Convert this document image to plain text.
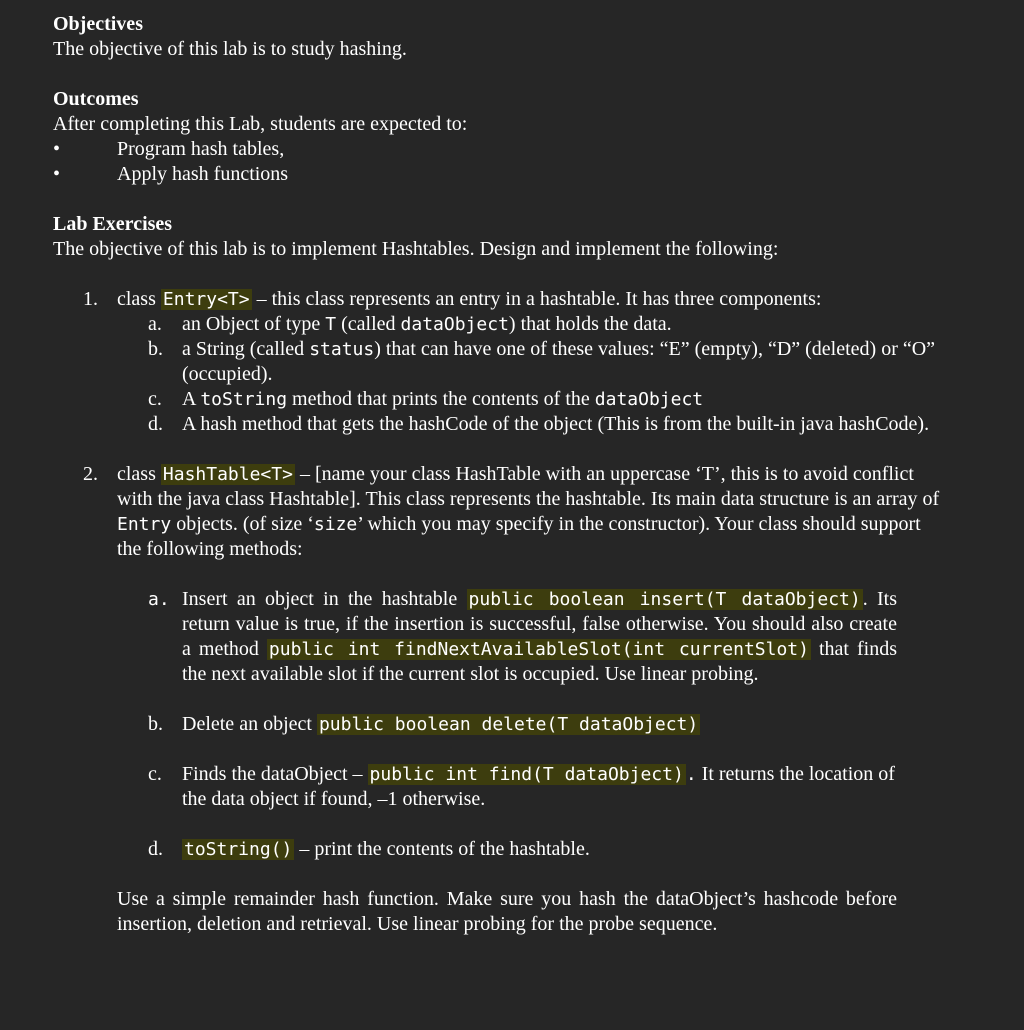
Objectives

The objective of this lab is to study hashing.

Outcomes

After completing this Lab, students are expected to:

•	Program hash tables,
•	Apply hash functions

Lab Exercises

The objective of this lab is to implement Hashtables. Design and implement the following:

1. class Entry<T> – this class represents an entry in a hashtable. It has three components:
a. an Object of type T (called dataObject) that holds the data.
b. a String (called status) that can have one of these values: “E” (empty), “D” (deleted) or “O” (occupied).
c. A toString method that prints the contents of the dataObject
d. A hash method that gets the hashCode of the object (This is from the built-in java hashCode).
2. class HashTable<T> – [name your class HashTable with an uppercase ‘T’, this is to avoid conflict with the java class Hashtable]. This class represents the hashtable. Its main data structure is an array of Entry objects. (of size ‘size’ which you may specify in the constructor). Your class should support the following methods:
a. Insert an object in the hashtable public boolean insert(T dataObject) . Its return value is true, if the insertion is successful, false otherwise. You should also create a method public int findNextAvailableSlot(int currentSlot) that finds the next available slot if the current slot is occupied. Use linear probing.
b. Delete an object public boolean delete(T dataObject)
c. Finds the dataObject – public int find(T dataObject) . It returns the location of the data object if found, –1 otherwise.
d. toString() – print the contents of the hashtable.
Use a simple remainder hash function. Make sure you hash the dataObject’s hashcode before insertion, deletion and retrieval. Use linear probing for the probe sequence.
